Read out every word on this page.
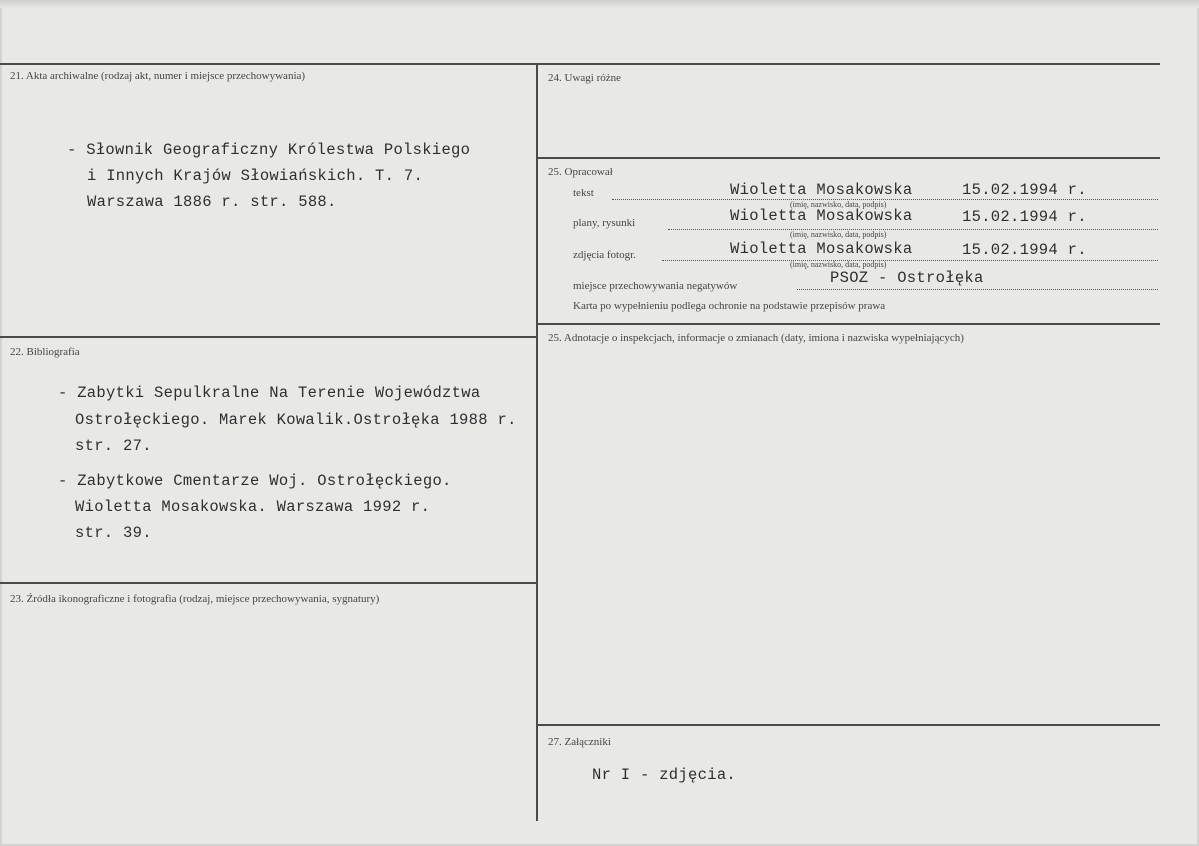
21. Akta archiwalne (rodzaj akt, numer i miejsce przechowywania)
- Słownik Geograficzny Królestwa Polskiego
i Innych Krajów Słowiańskich. T. 7.
Warszawa 1886 r. str. 588.
22. Bibliografia
- Zabytki Sepulkralne Na Terenie Województwa
Ostrołęckiego. Marek Kowalik.Ostrołęka 1988 r.
str. 27.
- Zabytkowe Cmentarze Woj. Ostrołęckiego.
Wioletta Mosakowska. Warszawa 1992 r.
str. 39.
23. Źródła ikonograficzne i fotografia (rodzaj, miejsce przechowywania, sygnatury)
24. Uwagi różne
25. Opracował
tekst	Wioletta Mosakowska	15.02.1994 r.
(imię, nazwisko, data, podpis)
plany, rysunki	Wioletta Mosakowska	15.02.1994 r.
(imię, nazwisko, data, podpis)
zdjęcia fotogr.	Wioletta Mosakowska	15.02.1994 r.
(imię, nazwisko, data, podpis)
miejsce przechowywania negatywów	PSOZ - Ostrołęka
Karta po wypełnieniu podlega ochronie na podstawie przepisów prawa
25. Adnotacje o inspekcjach, informacje o zmianach (daty, imiona i nazwiska wypełniających)
27. Załączniki
Nr I - zdjęcia.
